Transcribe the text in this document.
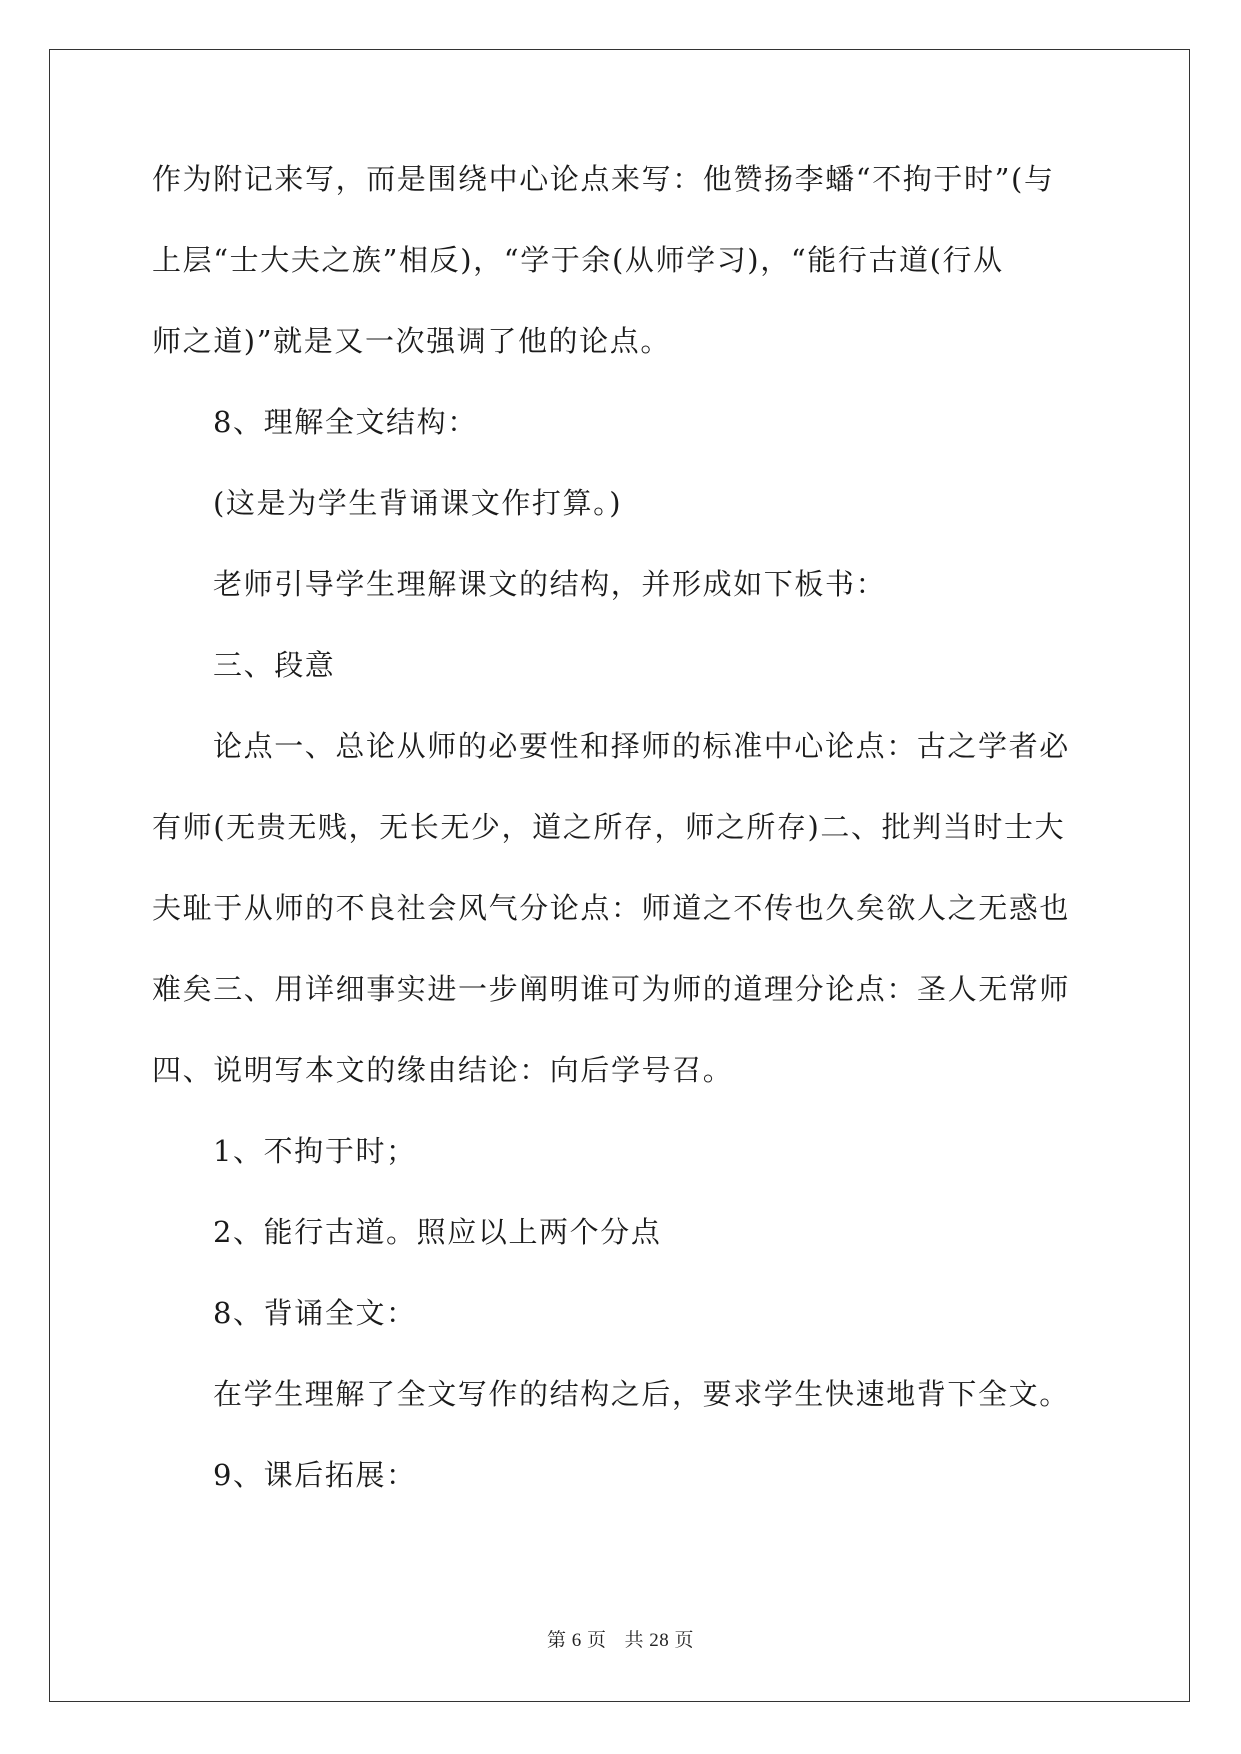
作为附记来写，而是围绕中心论点来写：他赞扬李蟠“不拘于时”(与
上层“士大夫之族”相反)，“学于余(从师学习)，“能行古道(行从
师之道)”就是又一次强调了他的论点。
8、理解全文结构：
(这是为学生背诵课文作打算。)
老师引导学生理解课文的结构，并形成如下板书：
三、段意
论点一、总论从师的必要性和择师的标准中心论点：古之学者必
有师(无贵无贱，无长无少，道之所存，师之所存)二、批判当时士大
夫耻于从师的不良社会风气分论点：师道之不传也久矣欲人之无惑也
难矣三、用详细事实进一步阐明谁可为师的道理分论点：圣人无常师
四、说明写本文的缘由结论：向后学号召。
1、不拘于时；
2、能行古道。照应以上两个分点
8、背诵全文：
在学生理解了全文写作的结构之后，要求学生快速地背下全文。
9、课后拓展：
第 6 页 共 28 页
